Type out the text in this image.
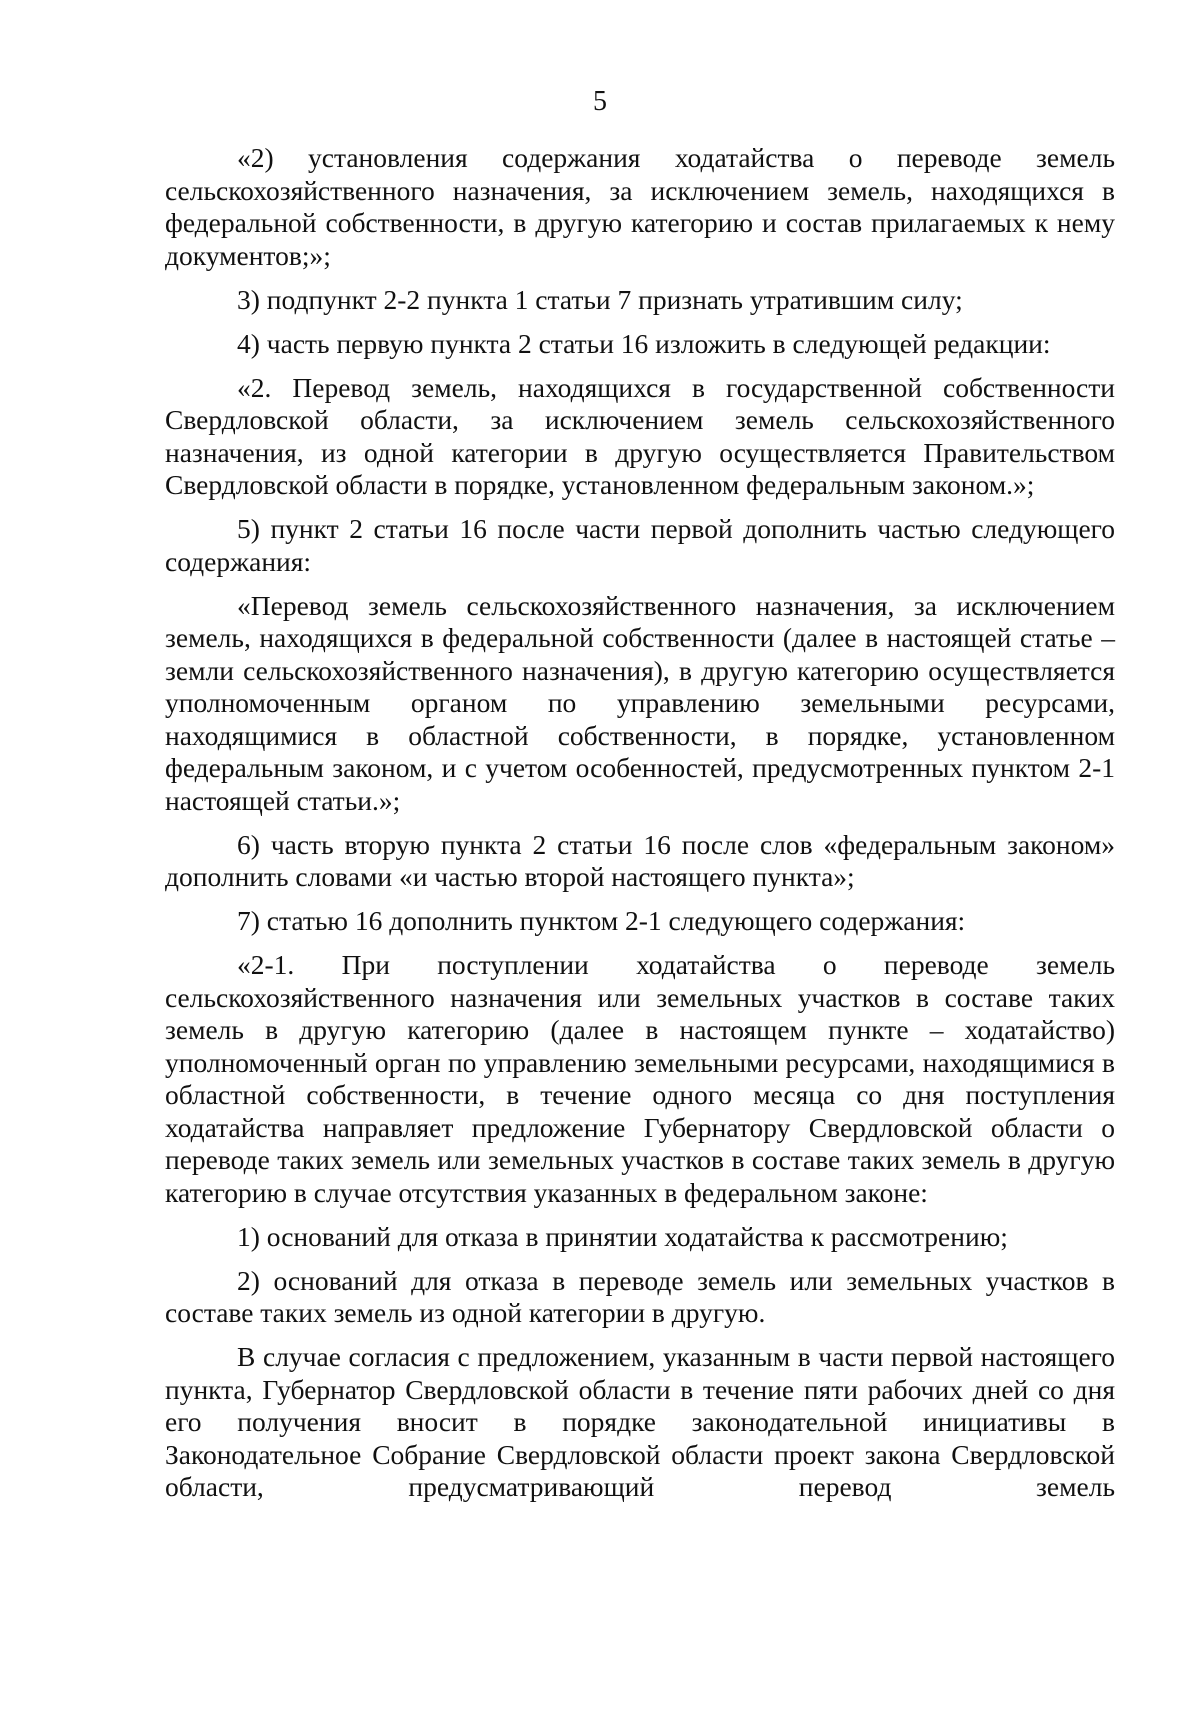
5

«2) установления содержания ходатайства о переводе земель сельскохозяйственного назначения, за исключением земель, находящихся в федеральной собственности, в другую категорию и состав прилагаемых к нему документов;»;

3) подпункт 2-2 пункта 1 статьи 7 признать утратившим силу;

4) часть первую пункта 2 статьи 16 изложить в следующей редакции:

«2. Перевод земель, находящихся в государственной собственности Свердловской области, за исключением земель сельскохозяйственного назначения, из одной категории в другую осуществляется Правительством Свердловской области в порядке, установленном федеральным законом.»;

5) пункт 2 статьи 16 после части первой дополнить частью следующего содержания:

«Перевод земель сельскохозяйственного назначения, за исключением земель, находящихся в федеральной собственности (далее в настоящей статье – земли сельскохозяйственного назначения), в другую категорию осуществляется уполномоченным органом по управлению земельными ресурсами, находящимися в областной собственности, в порядке, установленном федеральным законом, и с учетом особенностей, предусмотренных пунктом 2-1 настоящей статьи.»;

6) часть вторую пункта 2 статьи 16 после слов «федеральным законом» дополнить словами «и частью второй настоящего пункта»;

7) статью 16 дополнить пунктом 2-1 следующего содержания:

«2-1. При поступлении ходатайства о переводе земель сельскохозяйственного назначения или земельных участков в составе таких земель в другую категорию (далее в настоящем пункте – ходатайство) уполномоченный орган по управлению земельными ресурсами, находящимися в областной собственности, в течение одного месяца со дня поступления ходатайства направляет предложение Губернатору Свердловской области о переводе таких земель или земельных участков в составе таких земель в другую категорию в случае отсутствия указанных в федеральном законе:

1) оснований для отказа в принятии ходатайства к рассмотрению;

2) оснований для отказа в переводе земель или земельных участков в составе таких земель из одной категории в другую.

В случае согласия с предложением, указанным в части первой настоящего пункта, Губернатор Свердловской области в течение пяти рабочих дней со дня его получения вносит в порядке законодательной инициативы в Законодательное Собрание Свердловской области проект закона Свердловской области, предусматривающий перевод земель
